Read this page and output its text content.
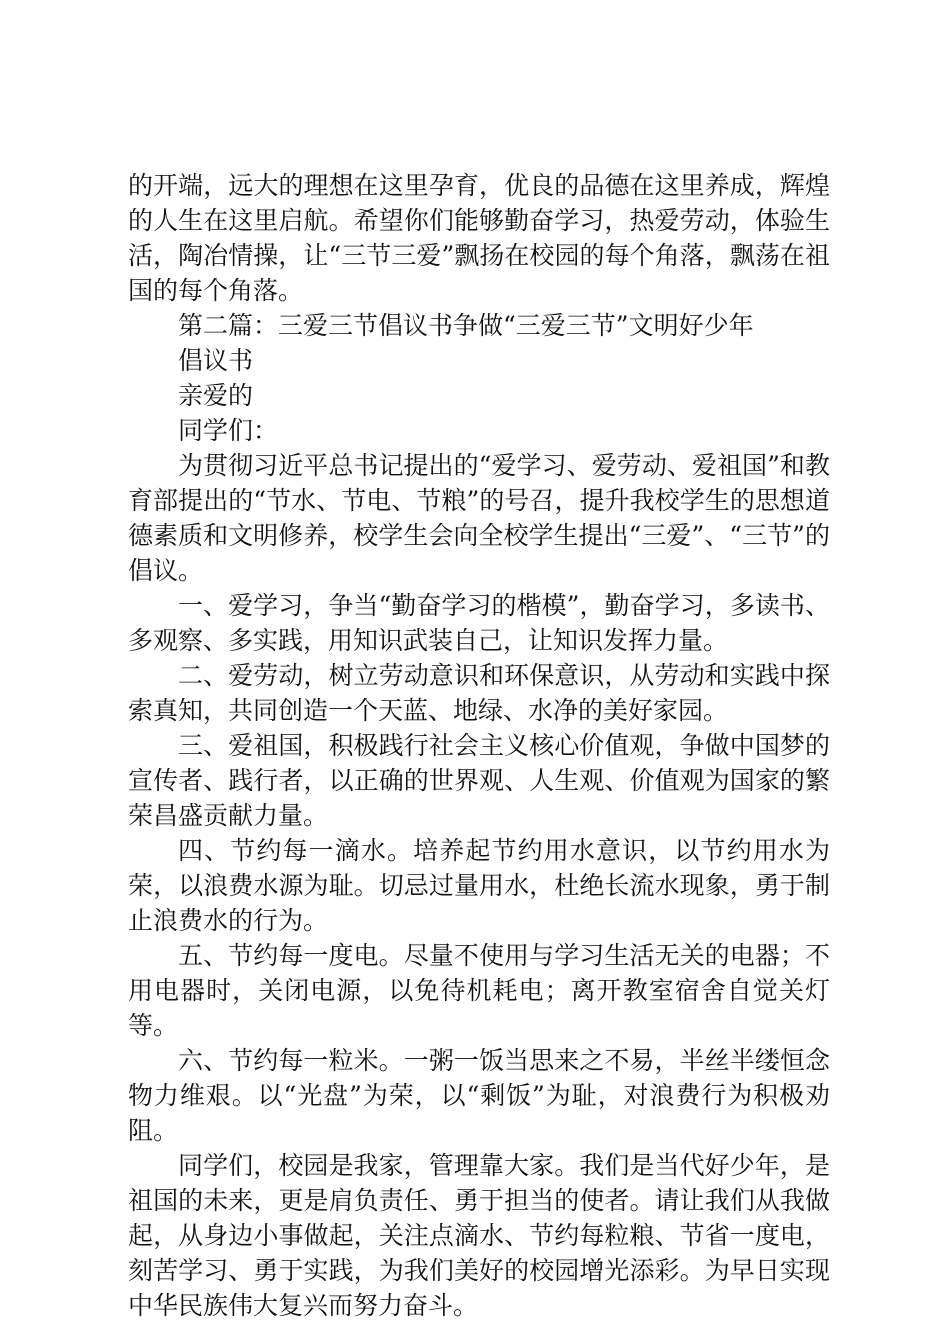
的开端，远大的理想在这里孕育，优良的品德在这里养成，辉煌的人生在这里启航。希望你们能够勤奋学习，热爱劳动，体验生活，陶冶情操，让“三节三爱”飘扬在校园的每个角落，飘荡在祖国的每个角落。

第二篇：三爱三节倡议书争做“三爱三节”文明好少年

倡议书

亲爱的

同学们：

为贯彻习近平总书记提出的“爱学习、爱劳动、爱祖国”和教育部提出的“节水、节电、节粮”的号召，提升我校学生的思想道德素质和文明修养，校学生会向全校学生提出“三爱”、“三节”的倡议。

一、爱学习，争当“勤奋学习的楷模”，勤奋学习，多读书、多观察、多实践，用知识武装自己，让知识发挥力量。

二、爱劳动，树立劳动意识和环保意识，从劳动和实践中探索真知，共同创造一个天蓝、地绿、水净的美好家园。

三、爱祖国，积极践行社会主义核心价值观，争做中国梦的宣传者、践行者，以正确的世界观、人生观、价值观为国家的繁荣昌盛贡献力量。

四、节约每一滴水。培养起节约用水意识，以节约用水为荣，以浪费水源为耻。切忌过量用水，杜绝长流水现象，勇于制止浪费水的行为。

五、节约每一度电。尽量不使用与学习生活无关的电器；不用电器时，关闭电源，以免待机耗电；离开教室宿舍自觉关灯等。

六、节约每一粒米。一粥一饭当思来之不易，半丝半缕恒念物力维艰。以“光盘”为荣，以“剩饭”为耻，对浪费行为积极劝阻。

同学们，校园是我家，管理靠大家。我们是当代好少年，是祖国的未来，更是肩负责任、勇于担当的使者。请让我们从我做起，从身边小事做起，关注点滴水、节约每粒粮、节省一度电，刻苦学习、勇于实践，为我们美好的校园增光添彩。为早日实现中华民族伟大复兴而努力奋斗。
